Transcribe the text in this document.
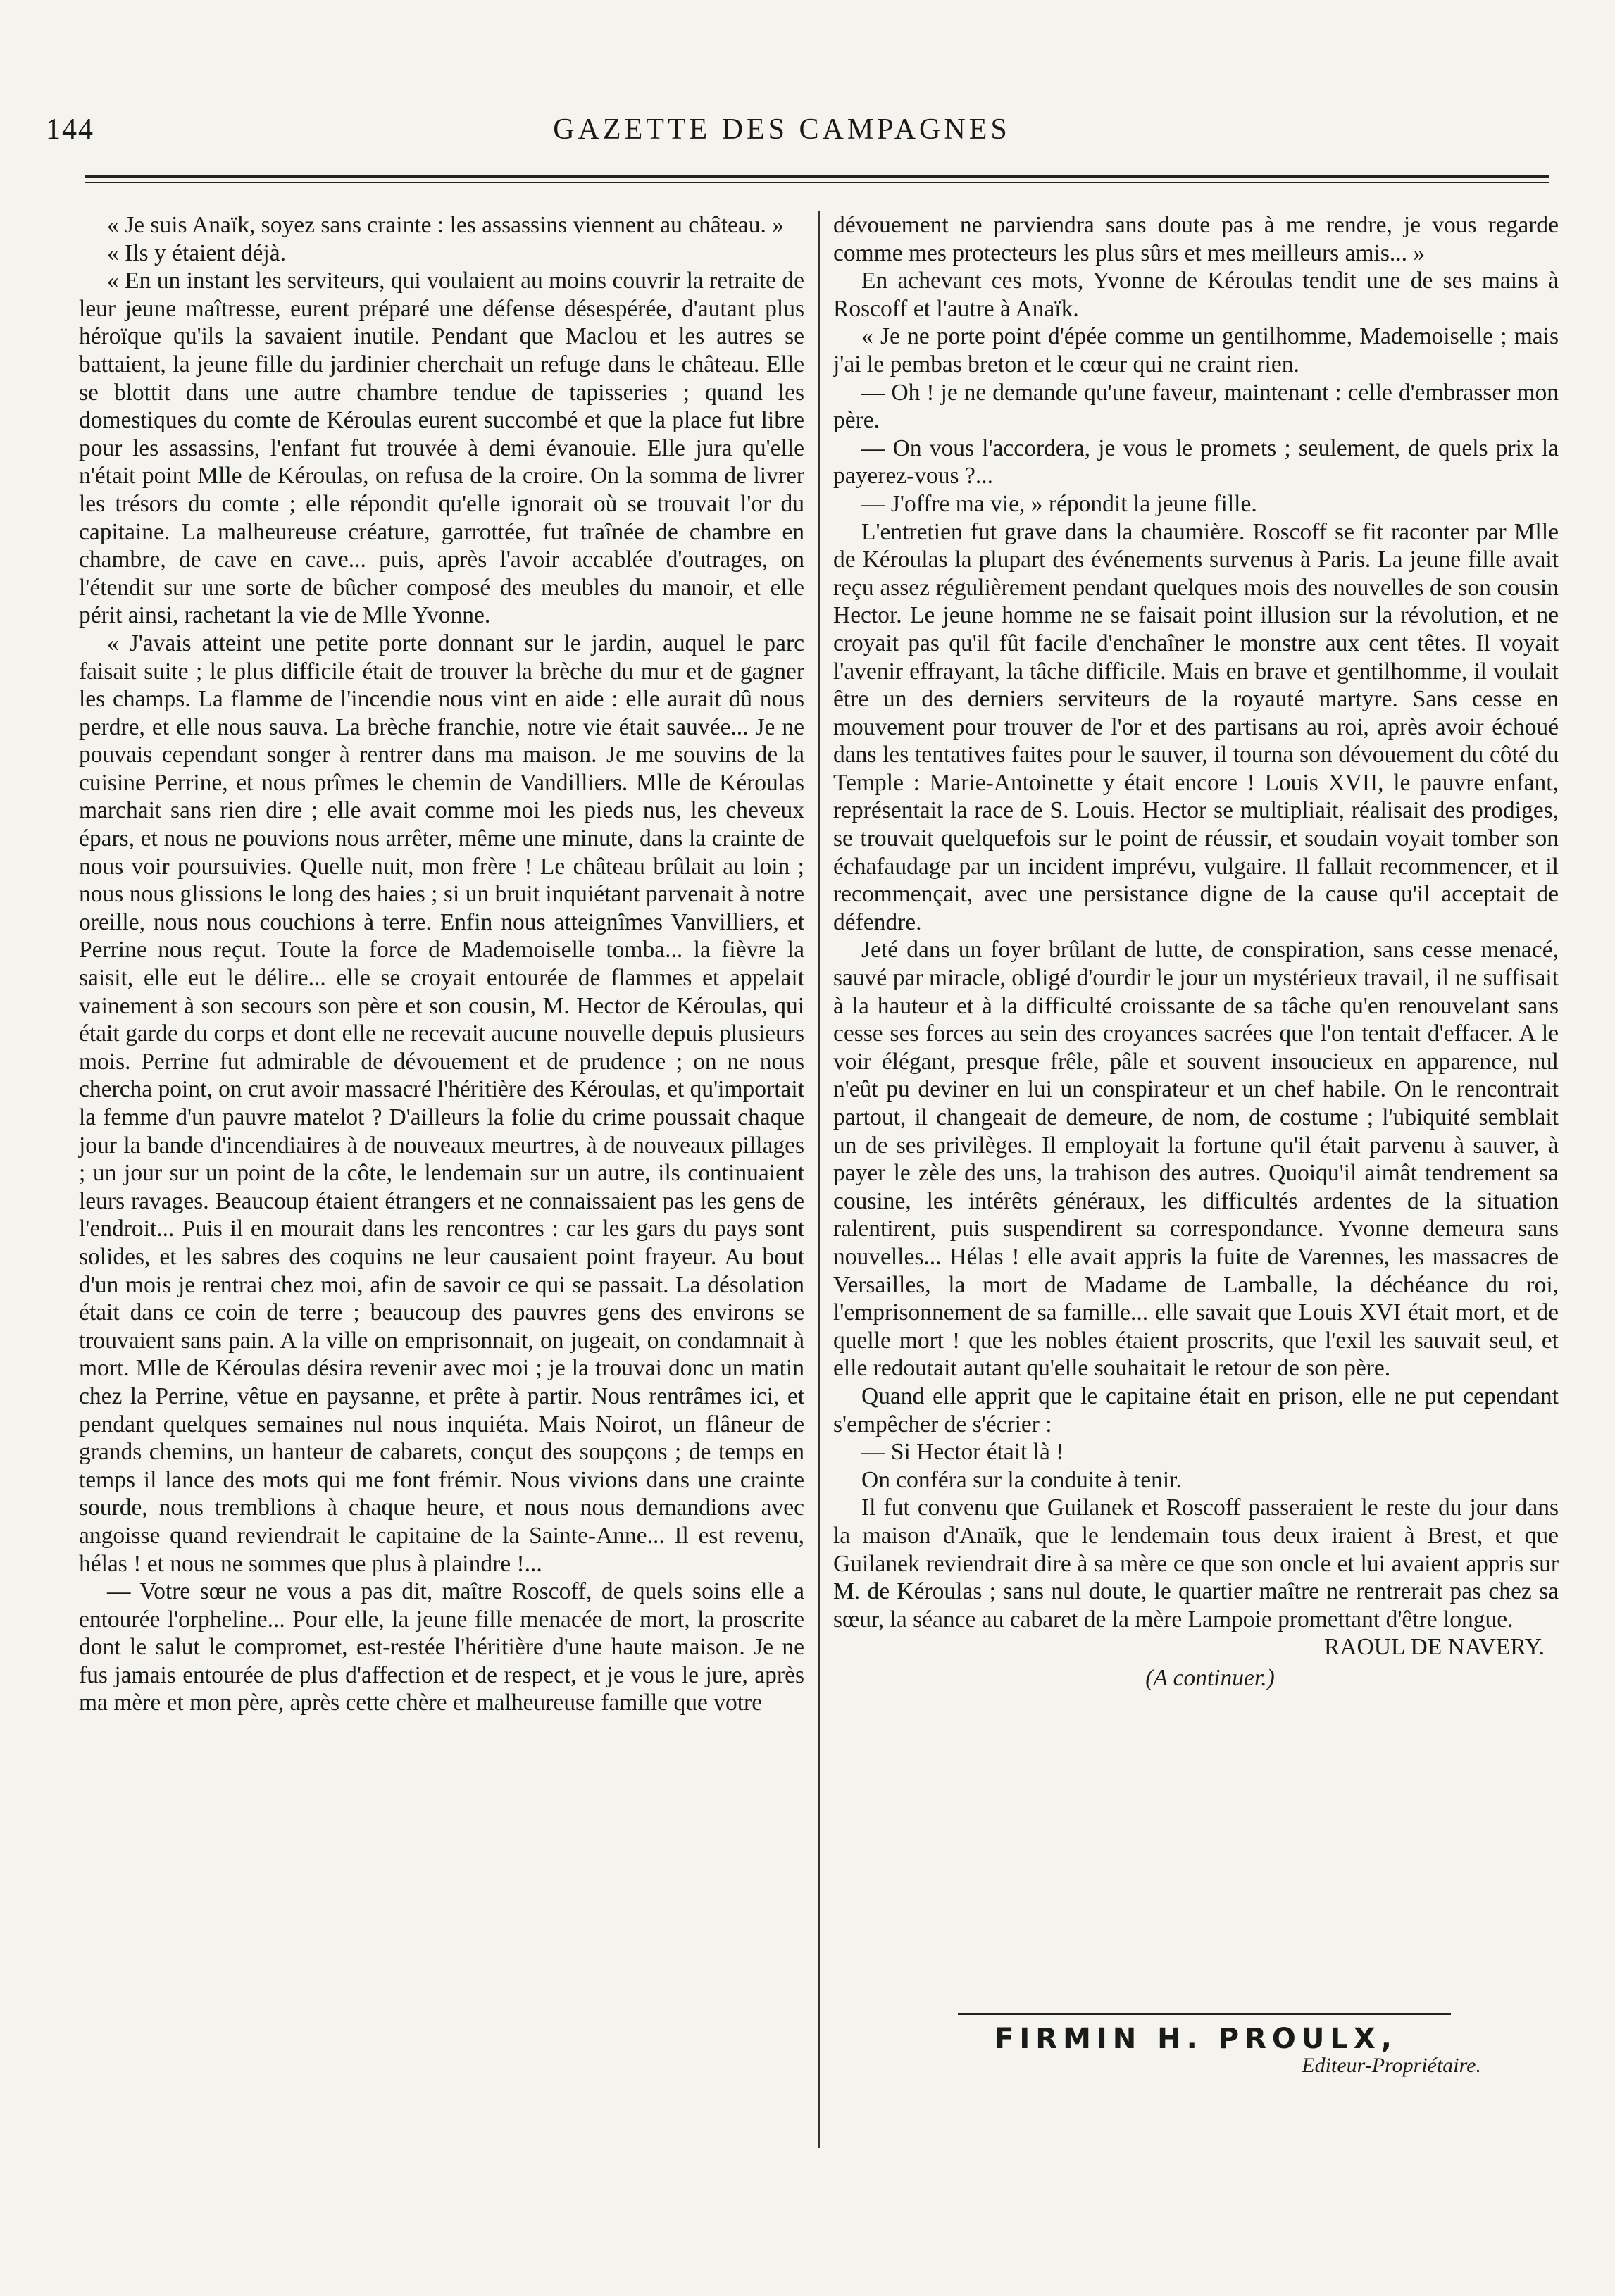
144	GAZETTE DES CAMPAGNES

« Je suis Anaïk, soyez sans crainte : les assassins viennent au château. »

« Ils y étaient déjà.

« En un instant les serviteurs, qui voulaient au moins couvrir la retraite de leur jeune maîtresse, eurent préparé une défense désespérée, d'autant plus héroïque qu'ils la savaient inutile. Pendant que Maclou et les autres se battaient, la jeune fille du jardinier cherchait un refuge dans le château. Elle se blottit dans une autre chambre tendue de tapisseries ; quand les domestiques du comte de Kéroulas eurent succombé et que la place fut libre pour les assassins, l'enfant fut trouvée à demi évanouie. Elle jura qu'elle n'était point Mlle de Kéroulas, on refusa de la croire. On la somma de livrer les trésors du comte ; elle répondit qu'elle ignorait où se trouvait l'or du capitaine. La malheureuse créature, garrottée, fut traînée de chambre en chambre, de cave en cave... puis, après l'avoir accablée d'outrages, on l'étendit sur une sorte de bûcher composé des meubles du manoir, et elle périt ainsi, rachetant la vie de Mlle Yvonne.

« J'avais atteint une petite porte donnant sur le jardin, auquel le parc faisait suite ; le plus difficile était de trouver la brèche du mur et de gagner les champs. La flamme de l'incendie nous vint en aide : elle aurait dû nous perdre, et elle nous sauva. La brèche franchie, notre vie était sauvée... Je ne pouvais cependant songer à rentrer dans ma maison. Je me souvins de la cuisine Perrine, et nous prîmes le chemin de Vandilliers. Mlle de Kéroulas marchait sans rien dire ; elle avait comme moi les pieds nus, les cheveux épars, et nous ne pouvions nous arrêter, même une minute, dans la crainte de nous voir poursuivies. Quelle nuit, mon frère ! Le château brûlait au loin ; nous nous glissions le long des haies ; si un bruit inquiétant parvenait à notre oreille, nous nous couchions à terre. Enfin nous atteignîmes Vanvilliers, et Perrine nous reçut. Toute la force de Mademoiselle tomba... la fièvre la saisit, elle eut le délire... elle se croyait entourée de flammes et appelait vainement à son secours son père et son cousin, M. Hector de Kéroulas, qui était garde du corps et dont elle ne recevait aucune nouvelle depuis plusieurs mois. Perrine fut admirable de dévouement et de prudence ; on ne nous chercha point, on crut avoir massacré l'héritière des Kéroulas, et qu'importait la femme d'un pauvre matelot ? D'ailleurs la folie du crime poussait chaque jour la bande d'incendiaires à de nouveaux meurtres, à de nouveaux pillages ; un jour sur un point de la côte, le lendemain sur un autre, ils continuaient leurs ravages. Beaucoup étaient étrangers et ne connaissaient pas les gens de l'endroit... Puis il en mourait dans les rencontres : car les gars du pays sont solides, et les sabres des coquins ne leur causaient point frayeur. Au bout d'un mois je rentrai chez moi, afin de savoir ce qui se passait. La désolation était dans ce coin de terre ; beaucoup des pauvres gens des environs se trouvaient sans pain. A la ville on emprisonnait, on jugeait, on condamnait à mort. Mlle de Kéroulas désira revenir avec moi ; je la trouvai donc un matin chez la Perrine, vêtue en paysanne, et prête à partir. Nous rentrâmes ici, et pendant quelques semaines nul nous inquiéta. Mais Noirot, un flâneur de grands chemins, un hanteur de cabarets, conçut des soupçons ; de temps en temps il lance des mots qui me font frémir. Nous vivions dans une crainte sourde, nous tremblions à chaque heure, et nous nous demandions avec angoisse quand reviendrait le capitaine de la Sainte-Anne... Il est revenu, hélas ! et nous ne sommes que plus à plaindre !...

— Votre sœur ne vous a pas dit, maître Roscoff, de quels soins elle a entourée l'orpheline... Pour elle, la jeune fille menacée de mort, la proscrite dont le salut le compromet, est-restée l'héritière d'une haute maison. Je ne fus jamais entourée de plus d'affection et de respect, et je vous le jure, après ma mère et mon père, après cette chère et malheureuse famille que votre

dévouement ne parviendra sans doute pas à me rendre, je vous regarde comme mes protecteurs les plus sûrs et mes meilleurs amis... »

En achevant ces mots, Yvonne de Kéroulas tendit une de ses mains à Roscoff et l'autre à Anaïk.

« Je ne porte point d'épée comme un gentilhomme, Mademoiselle ; mais j'ai le pembas breton et le cœur qui ne craint rien.

— Oh ! je ne demande qu'une faveur, maintenant : celle d'embrasser mon père.

— On vous l'accordera, je vous le promets ; seulement, de quels prix la payerez-vous ?...

— J'offre ma vie, » répondit la jeune fille.

L'entretien fut grave dans la chaumière. Roscoff se fit raconter par Mlle de Kéroulas la plupart des événements survenus à Paris. La jeune fille avait reçu assez régulièrement pendant quelques mois des nouvelles de son cousin Hector. Le jeune homme ne se faisait point illusion sur la révolution, et ne croyait pas qu'il fût facile d'enchaîner le monstre aux cent têtes. Il voyait l'avenir effrayant, la tâche difficile. Mais en brave et gentilhomme, il voulait être un des derniers serviteurs de la royauté martyre. Sans cesse en mouvement pour trouver de l'or et des partisans au roi, après avoir échoué dans les tentatives faites pour le sauver, il tourna son dévouement du côté du Temple : Marie-Antoinette y était encore ! Louis XVII, le pauvre enfant, représentait la race de S. Louis. Hector se multipliait, réalisait des prodiges, se trouvait quelquefois sur le point de réussir, et soudain voyait tomber son échafaudage par un incident imprévu, vulgaire. Il fallait recommencer, et il recommençait, avec une persistance digne de la cause qu'il acceptait de défendre.

Jeté dans un foyer brûlant de lutte, de conspiration, sans cesse menacé, sauvé par miracle, obligé d'ourdir le jour un mystérieux travail, il ne suffisait à la hauteur et à la difficulté croissante de sa tâche qu'en renouvelant sans cesse ses forces au sein des croyances sacrées que l'on tentait d'effacer. A le voir élégant, presque frêle, pâle et souvent insoucieux en apparence, nul n'eût pu deviner en lui un conspirateur et un chef habile. On le rencontrait partout, il changeait de demeure, de nom, de costume ; l'ubiquité semblait un de ses privilèges. Il employait la fortune qu'il était parvenu à sauver, à payer le zèle des uns, la trahison des autres. Quoiqu'il aimât tendrement sa cousine, les intérêts généraux, les difficultés ardentes de la situation ralentirent, puis suspendirent sa correspondance. Yvonne demeura sans nouvelles... Hélas ! elle avait appris la fuite de Varennes, les massacres de Versailles, la mort de Madame de Lamballe, la déchéance du roi, l'emprisonnement de sa famille... elle savait que Louis XVI était mort, et de quelle mort ! que les nobles étaient proscrits, que l'exil les sauvait seul, et elle redoutait autant qu'elle souhaitait le retour de son père.

Quand elle apprit que le capitaine était en prison, elle ne put cependant s'empêcher de s'écrier :

— Si Hector était là !

On conféra sur la conduite à tenir.

Il fut convenu que Guilanek et Roscoff passeraient le reste du jour dans la maison d'Anaïk, que le lendemain tous deux iraient à Brest, et que Guilanek reviendrait dire à sa mère ce que son oncle et lui avaient appris sur M. de Kéroulas ; sans nul doute, le quartier maître ne rentrerait pas chez sa sœur, la séance au cabaret de la mère Lampoie promettant d'être longue.

RAOUL DE NAVERY.

(A continuer.)

FIRMIN H. PROULX,
Editeur-Propriétaire.
